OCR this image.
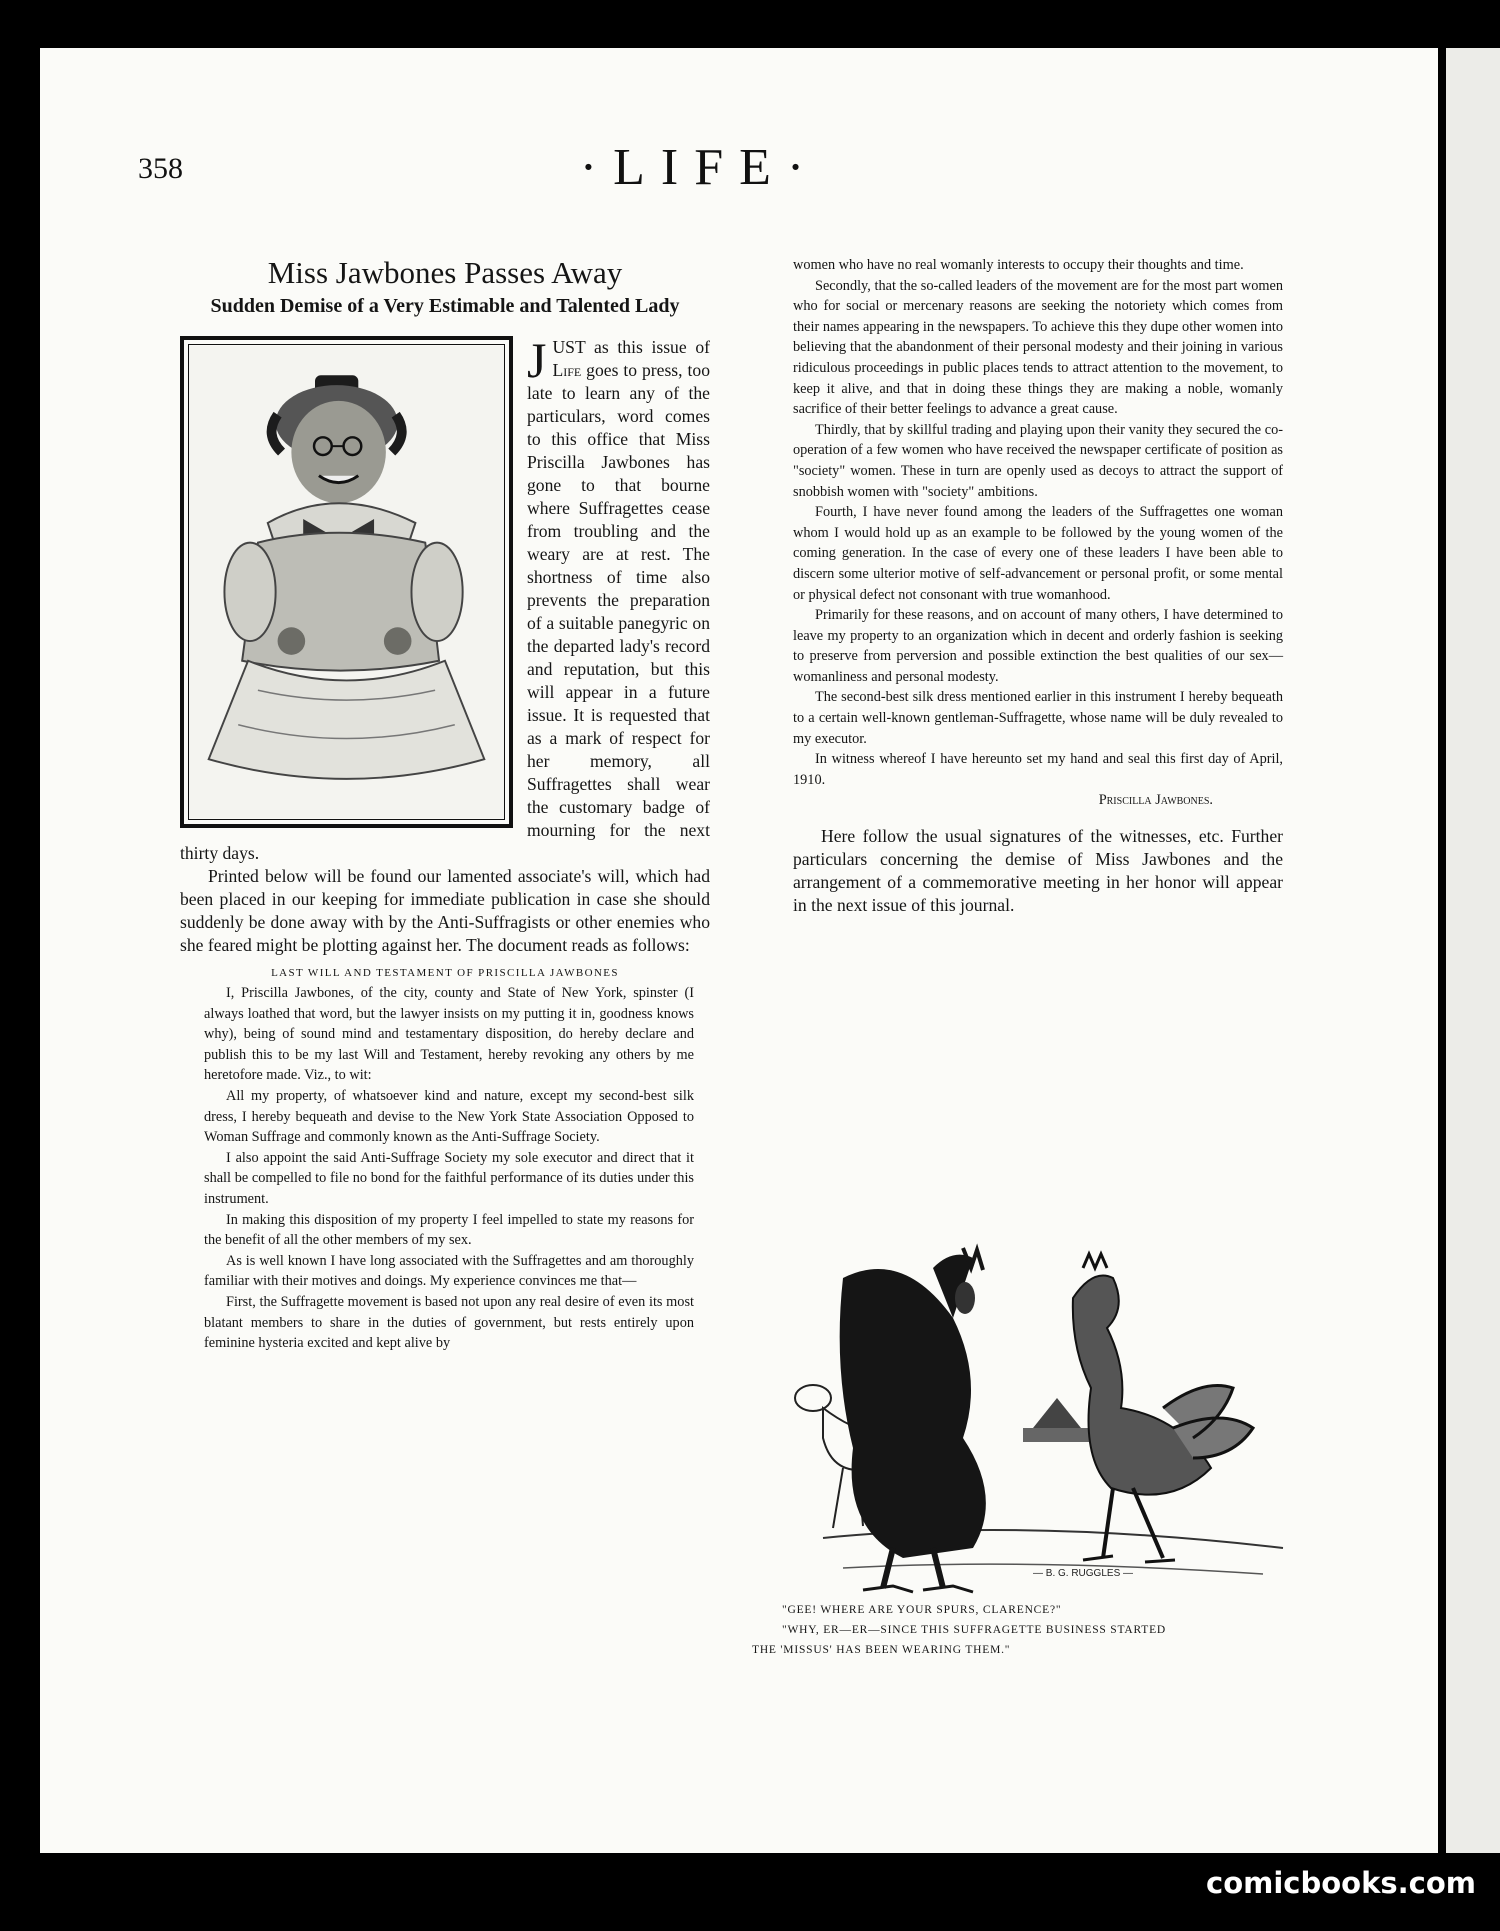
358	·LIFE·
Miss Jawbones Passes Away
Sudden Demise of a Very Estimable and Talented Lady

JUST as this issue of Life goes to press, too late to learn any of the particulars, word comes to this office that Miss Priscilla Jawbones has gone to that bourne where Suffragettes cease from troubling and the weary are at rest. The shortness of time also prevents the preparation of a suitable panegyric on the departed lady's record and reputation, but this will appear in a future issue. It is requested that as a mark of respect for her memory, all Suffragettes shall wear the customary badge of mourning for the next thirty days.

Printed below will be found our lamented associate's will, which had been placed in our keeping for immediate publication in case she should suddenly be done away with by the Anti-Suffragists or other enemies who she feared might be plotting against her. The document reads as follows:

LAST WILL AND TESTAMENT OF PRISCILLA JAWBONES

I, Priscilla Jawbones, of the city, county and State of New York, spinster (I always loathed that word, but the lawyer insists on my putting it in, goodness knows why), being of sound mind and testamentary disposition, do hereby declare and publish this to be my last Will and Testament, hereby revoking any others by me heretofore made. Viz., to wit:

All my property, of whatsoever kind and nature, except my second-best silk dress, I hereby bequeath and devise to the New York State Association Opposed to Woman Suffrage and commonly known as the Anti-Suffrage Society.

I also appoint the said Anti-Suffrage Society my sole executor and direct that it shall be compelled to file no bond for the faithful performance of its duties under this instrument.

In making this disposition of my property I feel impelled to state my reasons for the benefit of all the other members of my sex.

As is well known I have long associated with the Suffragettes and am thoroughly familiar with their motives and doings. My experience convinces me that—

First, the Suffragette movement is based not upon any real desire of even its most blatant members to share in the duties of government, but rests entirely upon feminine hysteria excited and kept alive by

women who have no real womanly interests to occupy their thoughts and time.

Secondly, that the so-called leaders of the movement are for the most part women who for social or mercenary reasons are seeking the notoriety which comes from their names appearing in the newspapers. To achieve this they dupe other women into believing that the abandonment of their personal modesty and their joining in various ridiculous proceedings in public places tends to attract attention to the movement, to keep it alive, and that in doing these things they are making a noble, womanly sacrifice of their better feelings to advance a great cause.

Thirdly, that by skillful trading and playing upon their vanity they secured the co-operation of a few women who have received the newspaper certificate of position as "society" women. These in turn are openly used as decoys to attract the support of snobbish women with "society" ambitions.

Fourth, I have never found among the leaders of the Suffragettes one woman whom I would hold up as an example to be followed by the young women of the coming generation. In the case of every one of these leaders I have been able to discern some ulterior motive of self-advancement or personal profit, or some mental or physical defect not consonant with true womanhood.

Primarily for these reasons, and on account of many others, I have determined to leave my property to an organization which in decent and orderly fashion is seeking to preserve from perversion and possible extinction the best qualities of our sex—womanliness and personal modesty.

The second-best silk dress mentioned earlier in this instrument I hereby bequeath to a certain well-known gentleman-Suffragette, whose name will be duly revealed to my executor.

In witness whereof I have hereunto set my hand and seal this first day of April, 1910.

Priscilla Jawbones.

Here follow the usual signatures of the witnesses, etc. Further particulars concerning the demise of Miss Jawbones and the arrangement of a commemorative meeting in her honor will appear in the next issue of this journal.

— B. G. RUGGLES —
"GEE! WHERE ARE YOUR SPURS, CLARENCE?"
"WHY, ER—ER—SINCE THIS SUFFRAGETTE BUSINESS STARTED
THE 'MISSUS' HAS BEEN WEARING THEM."
comicbooks.com
